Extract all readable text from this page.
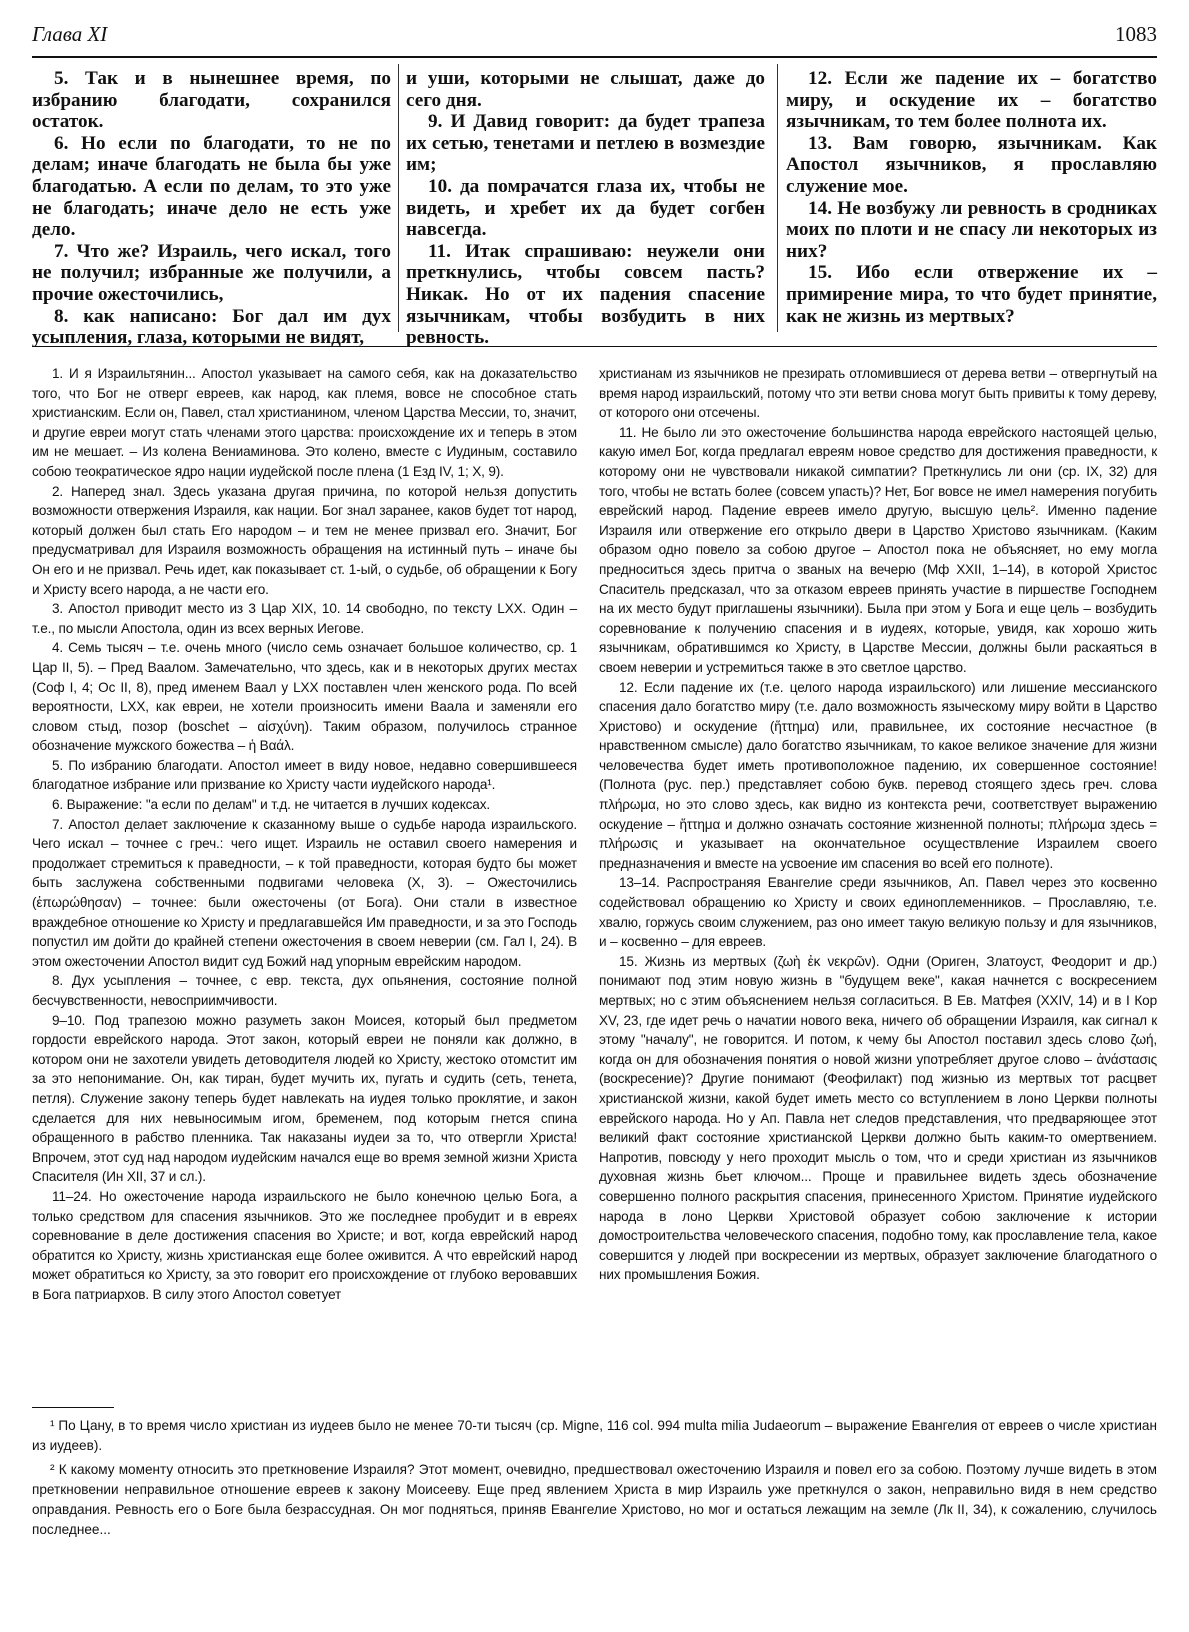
Глава XI	1083

5. Так и в нынешнее время, по избранию благодати, сохранился остаток.

6. Но если по благодати, то не по делам; иначе благодать не была бы уже благодатью. А если по делам, то это уже не благодать; иначе дело не есть уже дело.

7. Что же? Израиль, чего искал, того не получил; избранные же получили, а прочие ожесточились,

8. как написано: Бог дал им дух усыпления, глаза, которыми не видят,

и уши, которыми не слышат, даже до сего дня.

9. И Давид говорит: да будет трапеза их сетью, тенетами и петлею в возмездие им;

10. да помрачатся глаза их, чтобы не видеть, и хребет их да будет согбен навсегда.

11. Итак спрашиваю: неужели они преткнулись, чтобы совсем пасть? Никак. Но от их падения спасение язычникам, чтобы возбудить в них ревность.

12. Если же падение их – богатство миру, и оскудение их – богатство язычникам, то тем более полнота их.

13. Вам говорю, язычникам. Как Апостол язычников, я прославляю служение мое.

14. Не возбужу ли ревность в сродниках моих по плоти и не спасу ли некоторых из них?

15. Ибо если отвержение их – примирение мира, то что будет принятие, как не жизнь из мертвых?

1. И я Израильтянин... Апостол указывает на самого себя, как на доказательство того, что Бог не отверг евреев, как народ, как племя, вовсе не способное стать христианским. Если он, Павел, стал христианином, членом Царства Мессии, то, значит, и другие евреи могут стать членами этого царства: происхождение их и теперь в этом им не мешает. – Из колена Вениаминова. Это колено, вместе с Иудиным, составило собою теократическое ядро нации иудейской после плена (1 Езд IV, 1; X, 9).

2. Наперед знал. Здесь указана другая причина, по которой нельзя допустить возможности отвержения Израиля, как нации. Бог знал заранее, каков будет тот народ, который должен был стать Его народом – и тем не менее призвал его. Значит, Бог предусматривал для Израиля возможность обращения на истинный путь – иначе бы Он его и не призвал. Речь идет, как показывает ст. 1-ый, о судьбе, об обращении к Богу и Христу всего народа, а не части его.

3. Апостол приводит место из 3 Цар XIX, 10. 14 свободно, по тексту LXX. Один – т.е., по мысли Апостола, один из всех верных Иегове.

4. Семь тысяч – т.е. очень много (число семь означает большое количество, ср. 1 Цар II, 5). – Пред Ваалом. Замечательно, что здесь, как и в некоторых других местах (Соф I, 4; Ос II, 8), пред именем Ваал у LXX поставлен член женского рода. По всей вероятности, LXX, как евреи, не хотели произносить имени Ваала и заменяли его словом стыд, позор (boschet – αἰσχύνη). Таким образом, получилось странное обозначение мужского божества – ἡ Βαάλ.

5. По избранию благодати. Апостол имеет в виду новое, недавно совершившееся благодатное избрание или призвание ко Христу части иудейского народа¹.

6. Выражение: "а если по делам" и т.д. не читается в лучших кодексах.

7. Апостол делает заключение к сказанному выше о судьбе народа израильского. Чего искал – точнее с греч.: чего ищет. Израиль не оставил своего намерения и продолжает стремиться к праведности, – к той праведности, которая будто бы может быть заслужена собственными подвигами человека (X, 3). – Ожесточились (ἐπωρώθησαν) – точнее: были ожесточены (от Бога). Они стали в известное враждебное отношение ко Христу и предлагавшейся Им праведности, и за это Господь попустил им дойти до крайней степени ожесточения в своем неверии (см. Гал I, 24). В этом ожесточении Апостол видит суд Божий над упорным еврейским народом.

8. Дух усыпления – точнее, с евр. текста, дух опьянения, состояние полной бесчувственности, невосприимчивости.

9–10. Под трапезою можно разуметь закон Моисея, который был предметом гордости еврейского народа. Этот закон, который евреи не поняли как должно, в котором они не захотели увидеть детоводителя людей ко Христу, жестоко отомстит им за это непонимание. Он, как тиран, будет мучить их, пугать и судить (сеть, тенета, петля). Служение закону теперь будет навлекать на иудея только проклятие, и закон сделается для них невыносимым игом, бременем, под которым гнется спина обращенного в рабство пленника. Так наказаны иудеи за то, что отвергли Христа! Впрочем, этот суд над народом иудейским начался еще во время земной жизни Христа Спасителя (Ин XII, 37 и сл.).

11–24. Но ожесточение народа израильского не было конечною целью Бога, а только средством для спасения язычников. Это же последнее пробудит и в евреях соревнование в деле достижения спасения во Христе; и вот, когда еврейский народ обратится ко Христу, жизнь христианская еще более оживится. А что еврейский народ может обратиться ко Христу, за это говорит его происхождение от глубоко веровавших в Бога патриархов. В силу этого Апостол советует

христианам из язычников не презирать отломившиеся от дерева ветви – отвергнутый на время народ израильский, потому что эти ветви снова могут быть привиты к тому дереву, от которого они отсечены.

11. Не было ли это ожесточение большинства народа еврейского настоящей целью, какую имел Бог, когда предлагал евреям новое средство для достижения праведности, к которому они не чувствовали никакой симпатии? Преткнулись ли они (ср. IX, 32) для того, чтобы не встать более (совсем упасть)? Нет, Бог вовсе не имел намерения погубить еврейский народ. Падение евреев имело другую, высшую цель². Именно падение Израиля или отвержение его открыло двери в Царство Христово язычникам. (Каким образом одно повело за собою другое – Апостол пока не объясняет, но ему могла предноситься здесь притча о званых на вечерю (Мф XXII, 1–14), в которой Христос Спаситель предсказал, что за отказом евреев принять участие в пиршестве Господнем на их место будут приглашены язычники). Была при этом у Бога и еще цель – возбудить соревнование к получению спасения и в иудеях, которые, увидя, как хорошо жить язычникам, обратившимся ко Христу, в Царстве Мессии, должны были раскаяться в своем неверии и устремиться также в это светлое царство.

12. Если падение их (т.е. целого народа израильского) или лишение мессианского спасения дало богатство миру (т.е. дало возможность языческому миру войти в Царство Христово) и оскудение (ἥττημα) или, правильнее, их состояние несчастное (в нравственном смысле) дало богатство язычникам, то какое великое значение для жизни человечества будет иметь противоположное падению, их совершенное состояние! (Полнота (рус. пер.) представляет собою букв. перевод стоящего здесь греч. слова πλήρωμα, но это слово здесь, как видно из контекста речи, соответствует выражению оскудение – ἥττημα и должно означать состояние жизненной полноты; πλήρωμα здесь = πλήρωσις и указывает на окончательное осуществление Израилем своего предназначения и вместе на усвоение им спасения во всей его полноте).

13–14. Распространяя Евангелие среди язычников, Ап. Павел через это косвенно содействовал обращению ко Христу и своих единоплеменников. – Прославляю, т.е. хвалю, горжусь своим служением, раз оно имеет такую великую пользу и для язычников, и – косвенно – для евреев.

15. Жизнь из мертвых (ζωὴ ἐκ νεκρῶν). Одни (Ориген, Златоуст, Феодорит и др.) понимают под этим новую жизнь в "будущем веке", какая начнется с воскресением мертвых; но с этим объяснением нельзя согласиться. В Ев. Матфея (XXIV, 14) и в I Кор XV, 23, где идет речь о начатии нового века, ничего об обращении Израиля, как сигнал к этому "началу", не говорится. И потом, к чему бы Апостол поставил здесь слово ζωή, когда он для обозначения понятия о новой жизни употребляет другое слово – ἀνάστασις (воскресение)? Другие понимают (Феофилакт) под жизнью из мертвых тот расцвет христианской жизни, какой будет иметь место со вступлением в лоно Церкви полноты еврейского народа. Но у Ап. Павла нет следов представления, что предваряющее этот великий факт состояние христианской Церкви должно быть каким-то омертвением. Напротив, повсюду у него проходит мысль о том, что и среди христиан из язычников духовная жизнь бьет ключом... Проще и правильнее видеть здесь обозначение совершенно полного раскрытия спасения, принесенного Христом. Принятие иудейского народа в лоно Церкви Христовой образует собою заключение к истории домостроительства человеческого спасения, подобно тому, как прославление тела, какое совершится у людей при воскресении из мертвых, образует заключение благодатного о них промышления Божия.

¹ По Цану, в то время число христиан из иудеев было не менее 70-ти тысяч (ср. Migne, 116 col. 994 multa milia Judaeorum – выражение Евангелия от евреев о числе христиан из иудеев).

² К какому моменту относить это преткновение Израиля? Этот момент, очевидно, предшествовал ожесточению Израиля и повел его за собою. Поэтому лучше видеть в этом преткновении неправильное отношение евреев к закону Моисееву. Еще пред явлением Христа в мир Израиль уже преткнулся о закон, неправильно видя в нем средство оправдания. Ревность его о Боге была безрассудная. Он мог подняться, приняв Евангелие Христово, но мог и остаться лежащим на земле (Лк II, 34), к сожалению, случилось последнее...
